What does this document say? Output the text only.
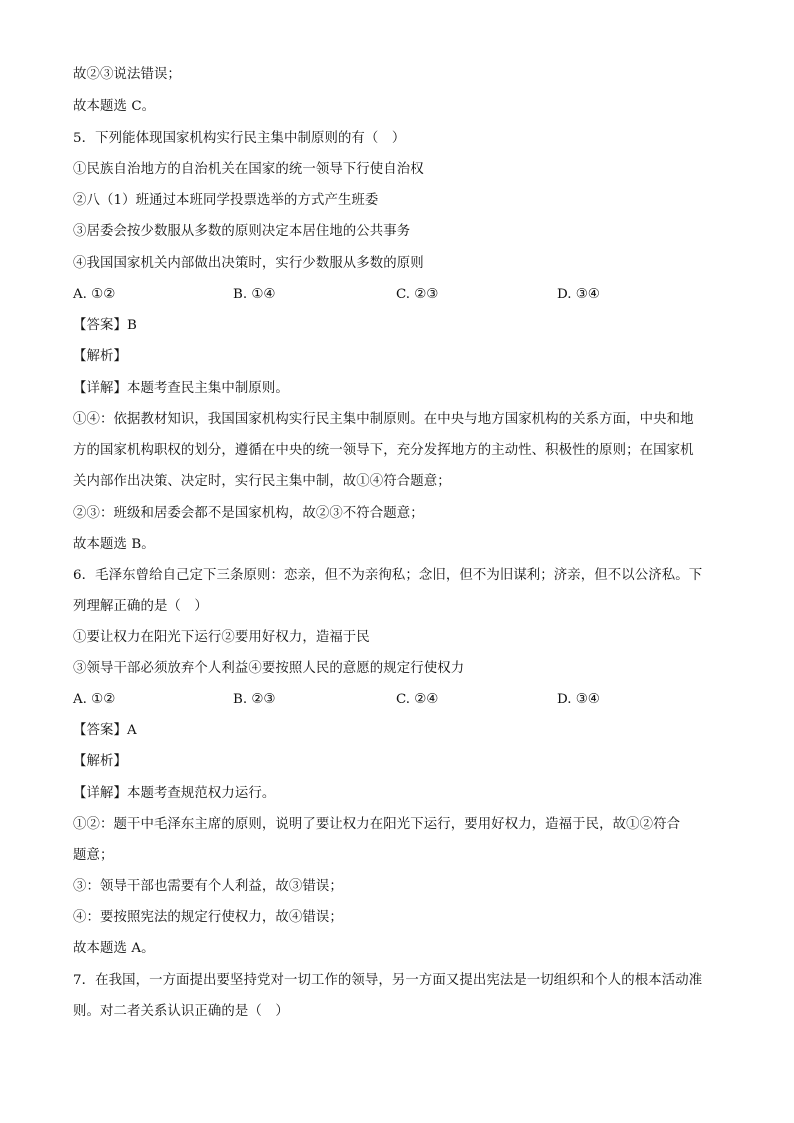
故②③说法错误；
故本题选 C。
5．下列能体现国家机构实行民主集中制原则的有（　）
①民族自治地方的自治机关在国家的统一领导下行使自治权
②八（1）班通过本班同学投票选举的方式产生班委
③居委会按少数服从多数的原则决定本居住地的公共事务
④我国国家机关内部做出决策时，实行少数服从多数的原则
A. ①②	B. ①④	C. ②③	D. ③④
【答案】B
【解析】
【详解】本题考查民主集中制原则。
①④：依据教材知识，我国国家机构实行民主集中制原则。在中央与地方国家机构的关系方面，中央和地
方的国家机构职权的划分，遵循在中央的统一领导下，充分发挥地方的主动性、积极性的原则；在国家机
关内部作出决策、决定时，实行民主集中制，故①④符合题意；
②③：班级和居委会都不是国家机构，故②③不符合题意；
故本题选 B。
6．毛泽东曾给自己定下三条原则：恋亲，但不为亲徇私；念旧，但不为旧谋利；济亲，但不以公济私。下
列理解正确的是（　）
①要让权力在阳光下运行②要用好权力，造福于民
③领导干部必须放弃个人利益④要按照人民的意愿的规定行使权力
A. ①②	B. ②③	C. ②④	D. ③④
【答案】A
【解析】
【详解】本题考查规范权力运行。
①②：题干中毛泽东主席的原则，说明了要让权力在阳光下运行，要用好权力，造福于民，故①②符合
题意；
③：领导干部也需要有个人利益，故③错误；
④：要按照宪法的规定行使权力，故④错误；
故本题选 A。
7．在我国，一方面提出要坚持党对一切工作的领导，另一方面又提出宪法是一切组织和个人的根本活动准
则。对二者关系认识正确的是（　）
